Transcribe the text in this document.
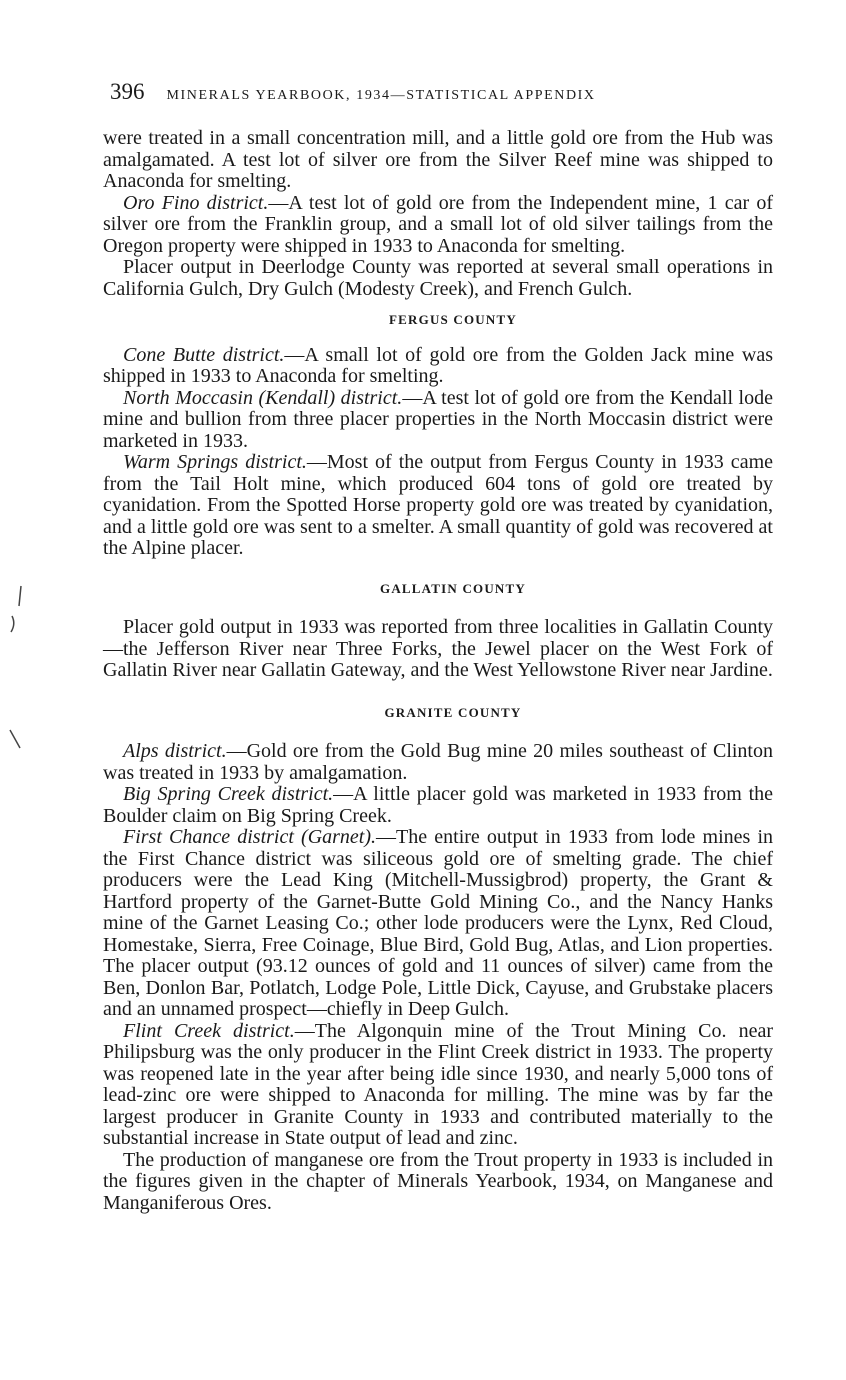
396 MINERALS YEARBOOK, 1934—STATISTICAL APPENDIX

were treated in a small concentration mill, and a little gold ore from the Hub was amalgamated. A test lot of silver ore from the Silver Reef mine was shipped to Anaconda for smelting.

Oro Fino district.—A test lot of gold ore from the Independent mine, 1 car of silver ore from the Franklin group, and a small lot of old silver tailings from the Oregon property were shipped in 1933 to Anaconda for smelting.

Placer output in Deerlodge County was reported at several small operations in California Gulch, Dry Gulch (Modesty Creek), and French Gulch.

FERGUS COUNTY

Cone Butte district.—A small lot of gold ore from the Golden Jack mine was shipped in 1933 to Anaconda for smelting.

North Moccasin (Kendall) district.—A test lot of gold ore from the Kendall lode mine and bullion from three placer properties in the North Moccasin district were marketed in 1933.

Warm Springs district.—Most of the output from Fergus County in 1933 came from the Tail Holt mine, which produced 604 tons of gold ore treated by cyanidation. From the Spotted Horse property gold ore was treated by cyanidation, and a little gold ore was sent to a smelter. A small quantity of gold was recovered at the Alpine placer.

GALLATIN COUNTY

Placer gold output in 1933 was reported from three localities in Gallatin County—the Jefferson River near Three Forks, the Jewel placer on the West Fork of Gallatin River near Gallatin Gateway, and the West Yellowstone River near Jardine.

GRANITE COUNTY

Alps district.—Gold ore from the Gold Bug mine 20 miles southeast of Clinton was treated in 1933 by amalgamation.

Big Spring Creek district.—A little placer gold was marketed in 1933 from the Boulder claim on Big Spring Creek.

First Chance district (Garnet).—The entire output in 1933 from lode mines in the First Chance district was siliceous gold ore of smelting grade. The chief producers were the Lead King (Mitchell-Mussigbrod) property, the Grant & Hartford property of the Garnet-Butte Gold Mining Co., and the Nancy Hanks mine of the Garnet Leasing Co.; other lode producers were the Lynx, Red Cloud, Homestake, Sierra, Free Coinage, Blue Bird, Gold Bug, Atlas, and Lion properties. The placer output (93.12 ounces of gold and 11 ounces of silver) came from the Ben, Donlon Bar, Potlatch, Lodge Pole, Little Dick, Cayuse, and Grubstake placers and an unnamed prospect—chiefly in Deep Gulch.

Flint Creek district.—The Algonquin mine of the Trout Mining Co. near Philipsburg was the only producer in the Flint Creek district in 1933. The property was reopened late in the year after being idle since 1930, and nearly 5,000 tons of lead-zinc ore were shipped to Anaconda for milling. The mine was by far the largest producer in Granite County in 1933 and contributed materially to the substantial increase in State output of lead and zinc.

The production of manganese ore from the Trout property in 1933 is included in the figures given in the chapter of Minerals Yearbook, 1934, on Manganese and Manganiferous Ores.
